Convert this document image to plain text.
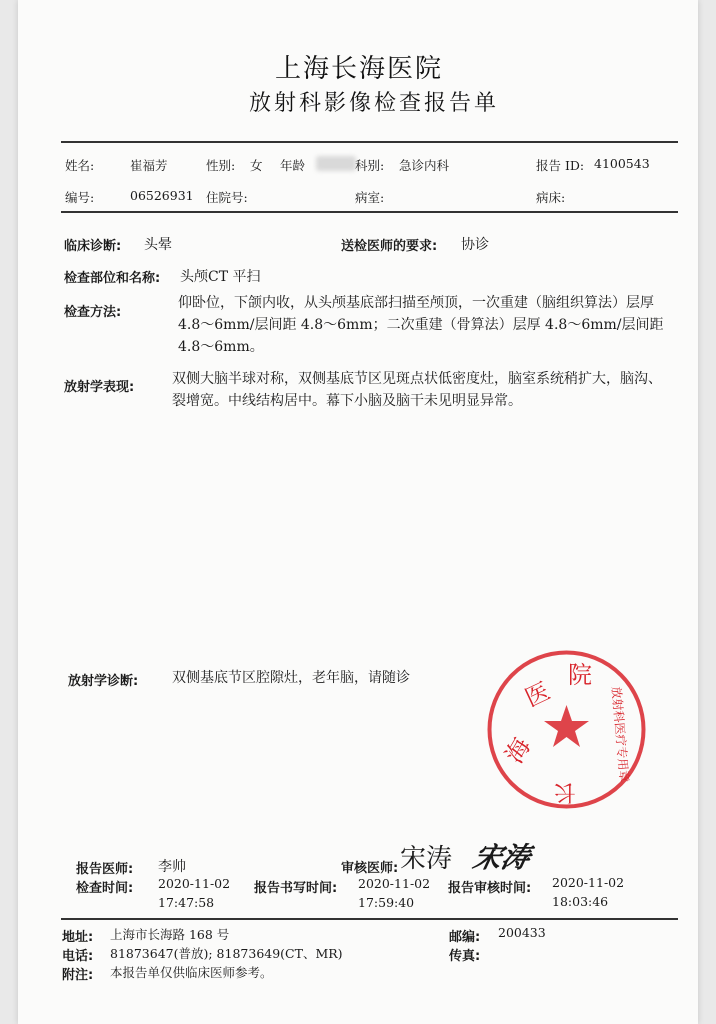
上海长海医院
放射科影像检查报告单
姓名:	崔福芳	性别: 女 年龄	科别: 急诊内科	报告 ID: 4100543
编号:	06526931 住院号:	病室:	病床:
临床诊断: 头晕	送检医师的要求: 协诊
检查部位和名称: 头颅CT 平扫
检查方法:
仰卧位，下颌内收，从头颅基底部扫描至颅顶，一次重建（脑组织算法）层厚 4.8～6mm/层间距 4.8～6mm；二次重建（骨算法）层厚 4.8～6mm/层间距 4.8～6mm。
放射学表现:
双侧大脑半球对称，双侧基底节区见斑点状低密度灶，脑室系统稍扩大，脑沟、裂增宽。中线结构居中。幕下小脑及脑干未见明显异常。
放射学诊断: 双侧基底节区腔隙灶，老年脑，请随诊	院
海
医
长
放射科医疗专用章
报告医师: 李帅	审核医师: 宋涛 宋涛
检查时间: 2020-11-02
17:47:58
报告书写时间: 2020-11-02
17:59:40
报告审核时间: 2020-11-02
18:03:46
地址: 上海市长海路 168 号	邮编: 200433
电话: 81873647(普放); 81873649(CT、MR)	传真:
附注: 本报告单仅供临床医师参考。
